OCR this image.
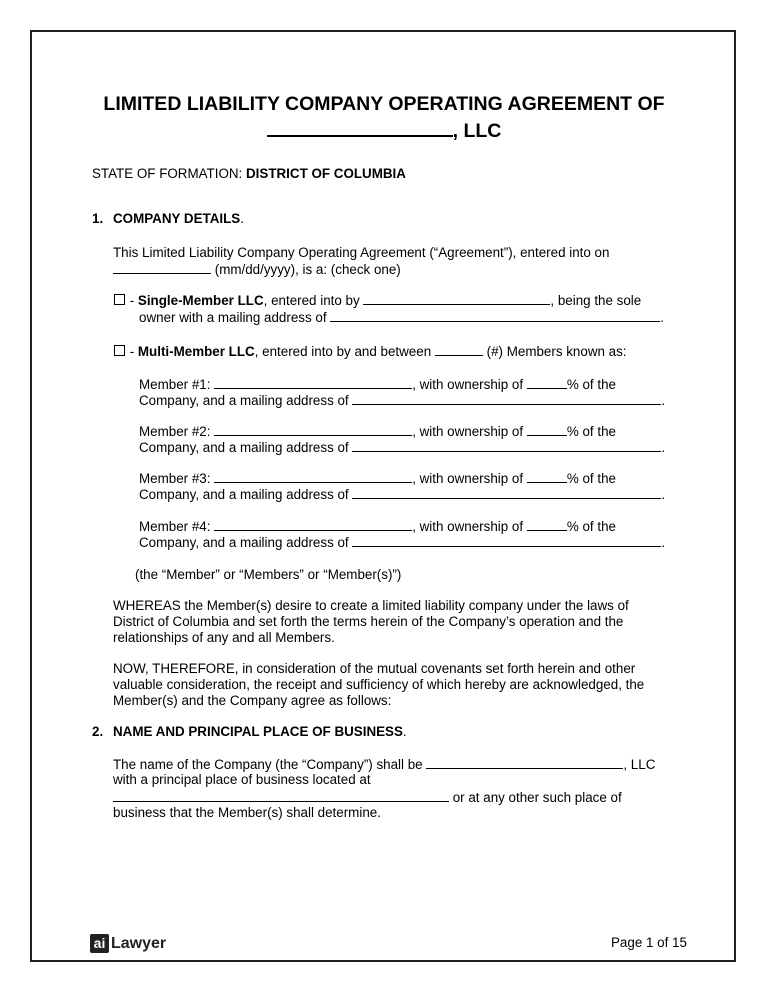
LIMITED LIABILITY COMPANY OPERATING AGREEMENT OF
, LLC
STATE OF FORMATION: DISTRICT OF COLUMBIA
1. COMPANY DETAILS.
This Limited Liability Company Operating Agreement (“Agreement”), entered into on
(mm/dd/yyyy), is a: (check one)
- Single-Member LLC, entered into by	, being the sole
owner with a mailing address of	.
- Multi-Member LLC, entered into by and between	(#) Members known as:
Member #1:	, with ownership of	% of the
Company, and a mailing address of	.
Member #2:	, with ownership of	% of the
Company, and a mailing address of	.
Member #3:	, with ownership of	% of the
Company, and a mailing address of	.
Member #4:	, with ownership of	% of the
Company, and a mailing address of	.
(the “Member” or “Members” or “Member(s)”)
WHEREAS the Member(s) desire to create a limited liability company under the laws of
District of Columbia and set forth the terms herein of the Company’s operation and the
relationships of any and all Members.
NOW, THEREFORE, in consideration of the mutual covenants set forth herein and other
valuable consideration, the receipt and sufficiency of which hereby are acknowledged, the
Member(s) and the Company agree as follows:
2. NAME AND PRINCIPAL PLACE OF BUSINESS.
The name of the Company (the “Company”) shall be	, LLC
with a principal place of business located at
or at any other such place of
business that the Member(s) shall determine.
ai Lawyer	Page 1 of 15
